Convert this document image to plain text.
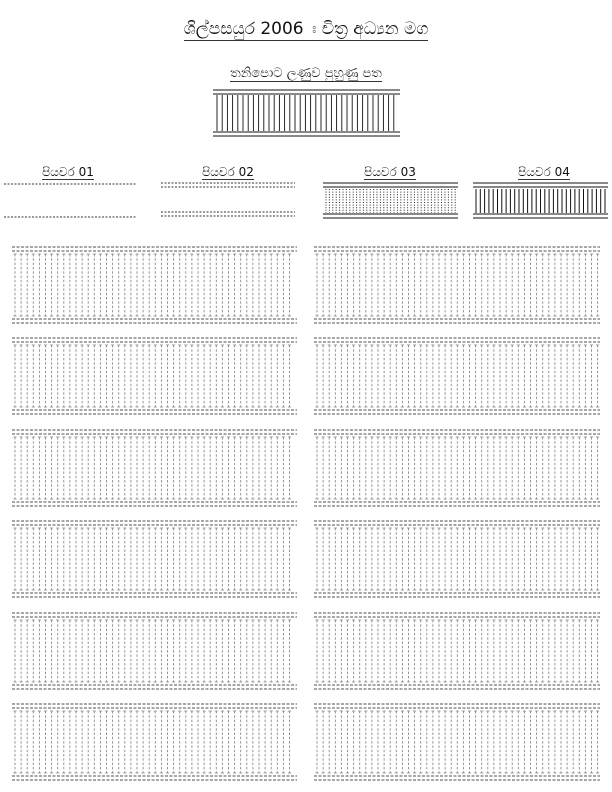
ශිල්පසයුර 2006 ඃ චිත්‍ර අධ්‍යන මග
තනිපොට ලණුව පුහුණු පත
පියවර 01	පියවර 02	පියවර 03	පියවර 04
